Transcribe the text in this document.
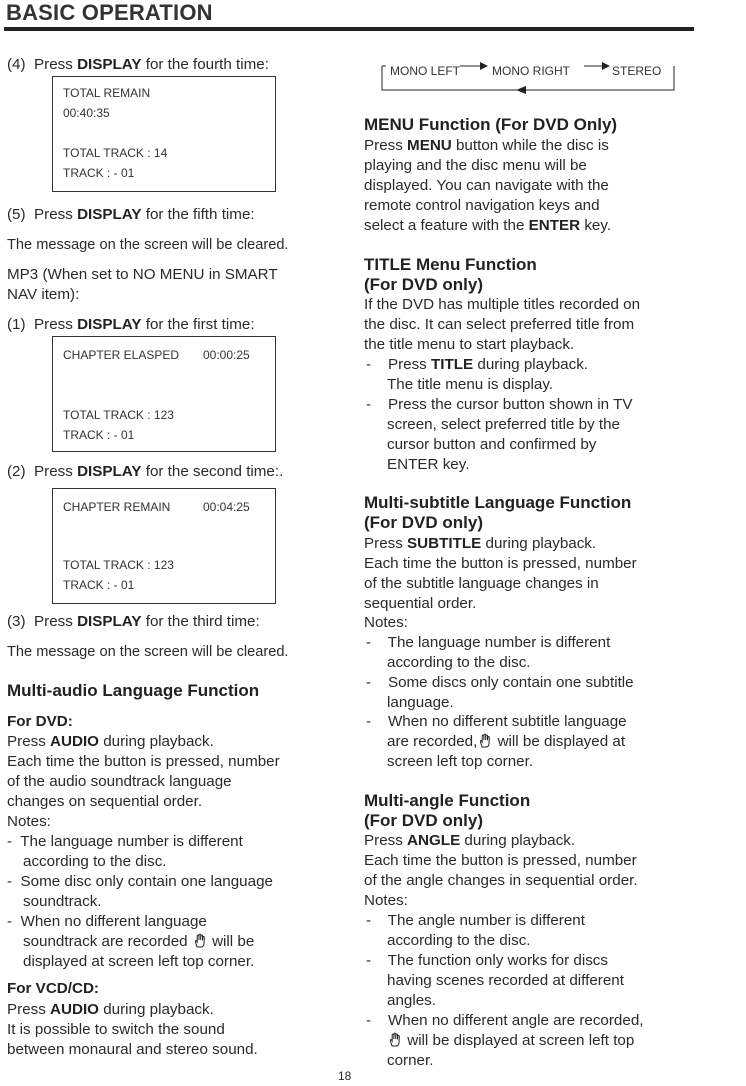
BASIC OPERATION
(4) Press DISPLAY for the fourth time:
TOTAL REMAIN
00:40:35
TOTAL TRACK : 14
TRACK : - 01
(5) Press DISPLAY for the fifth time:
The message on the screen will be cleared.
MP3 (When set to NO MENU in SMART
NAV item):
(1) Press DISPLAY for the first time:
CHAPTER ELASPED 00:00:25
TOTAL TRACK : 123
TRACK : - 01
(2) Press DISPLAY for the second time:.
CHAPTER REMAIN	00:04:25
TOTAL TRACK : 123
TRACK : - 01
(3) Press DISPLAY for the third time:
The message on the screen will be cleared.
Multi-audio Language Function
For DVD:
Press AUDIO during playback.
Each time the button is pressed, number
of the audio soundtrack language
changes on sequential order.
Notes:
- The language number is different
according to the disc.
- Some disc only contain one language
soundtrack.
- When no different language
soundtrack are recorded  will be
displayed at screen left top corner.
For VCD/CD:
Press AUDIO during playback.
It is possible to switch the sound
between monaural and stereo sound.
MONO LEFT	MONO RIGHT	STEREO
MENU Function (For DVD Only)
Press MENU button while the disc is
playing and the disc menu will be
displayed. You can navigate with the
remote control navigation keys and
select a feature with the ENTER key.
TITLE Menu Function
(For DVD only)
If the DVD has multiple titles recorded on
the disc. It can select preferred title from
the title menu to start playback.
- Press TITLE during playback.
The title menu is display.
- Press the cursor button shown in TV
screen, select preferred title by the
cursor button and confirmed by
ENTER key.
Multi-subtitle Language Function
(For DVD only)
Press SUBTITLE during playback.
Each time the button is pressed, number
of the subtitle language changes in
sequential order.
Notes:
- The language number is different
according to the disc.
- Some discs only contain one subtitle
language.
- When no different subtitle language
are recorded, will be displayed at
screen left top corner.
Multi-angle Function
(For DVD only)
Press ANGLE during playback.
Each time the button is pressed, number
of the angle changes in sequential order.
Notes:
- The angle number is different
according to the disc.
- The function only works for discs
having scenes recorded at different
angles.
- When no different angle are recorded,
will be displayed at screen left top
corner.
18
